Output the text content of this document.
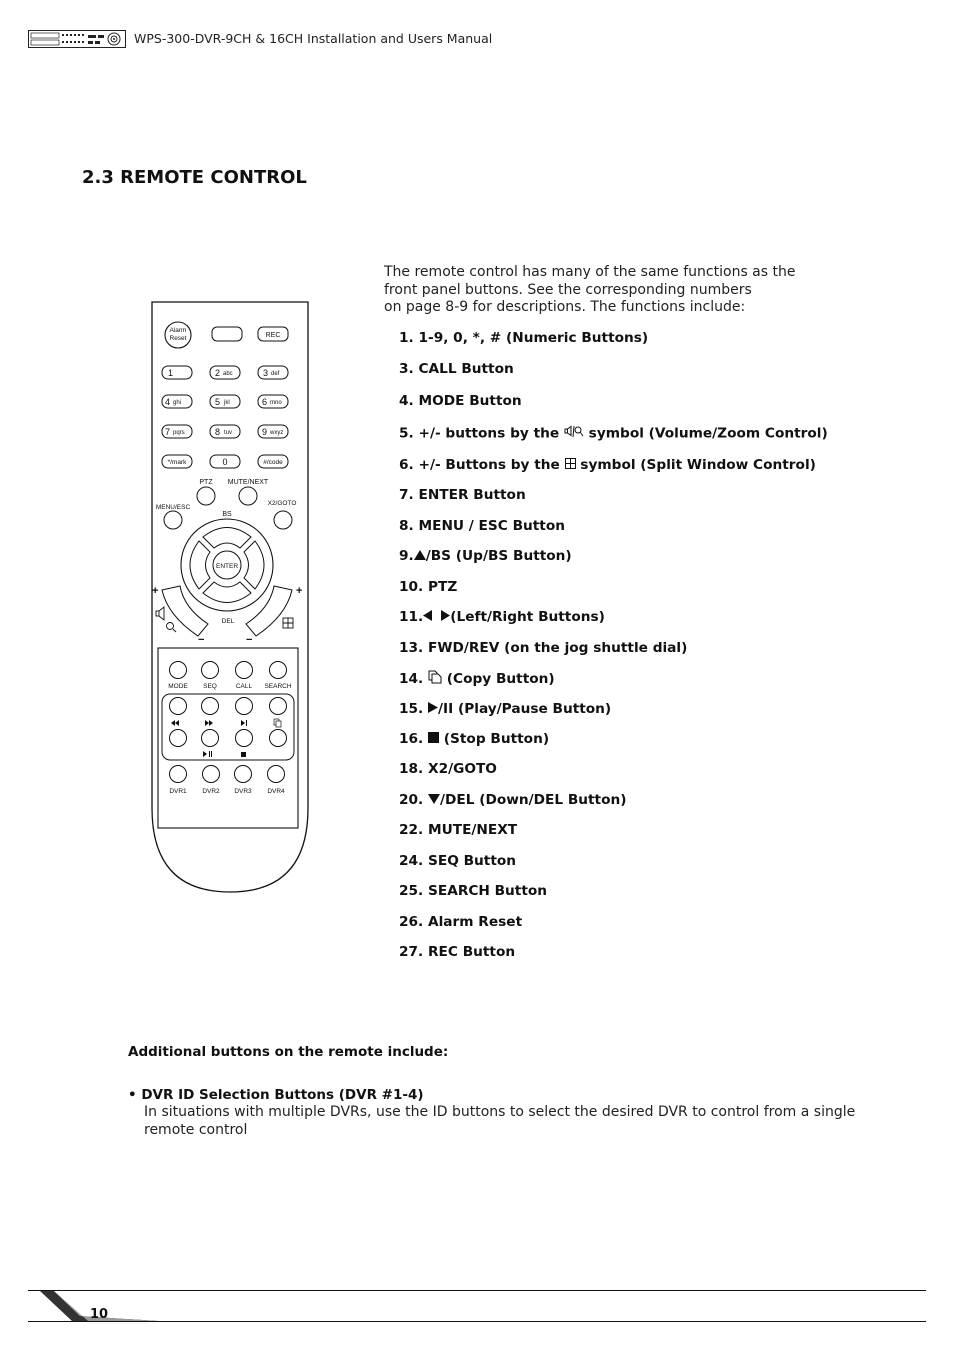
WPS-300-DVR-9CH & 16CH Installation and Users Manual
2.3 REMOTE CONTROL
The remote control has many of the same functions as the
front panel buttons. See the corresponding numbers
on page 8-9 for descriptions. The functions include:
1. 1-9, 0, *, # (Numeric Buttons)
3. CALL Button
4. MODE Button
5. +/- buttons by the  symbol (Volume/Zoom Control)
6. +/- Buttons by the  symbol (Split Window Control)
7. ENTER Button
8. MENU / ESC Button
9. /BS (Up/BS Button)
10. PTZ
11. (Left/Right Buttons)
13. FWD/REV (on the jog shuttle dial)
14.  (Copy Button)
15. /II (Play/Pause Button)
16.  (Stop Button)
18. X2/GOTO
20. /DEL (Down/DEL Button)
22. MUTE/NEXT
24. SEQ Button
25. SEARCH Button
26. Alarm Reset
27. REC Button
Alarm
Reset	REC
1	2 abc	3 def
4 ghi	5 jkl	6 mno
7 pqrs	8 tuv	9 wxyz
*/mark	0	#/code
PTZ MUTE/NEXT
MENU/ESC
X2/GOTO
BS
ENTER
+	+
−	−
DEL
MODE SEQ	CALL SEARCH
DVR1 DVR2 DVR3 DVR4
Additional buttons on the remote include:
• DVR ID Selection Buttons (DVR #1-4)
In situations with multiple DVRs, use the ID buttons to select the desired DVR to control from a single remote control
10
